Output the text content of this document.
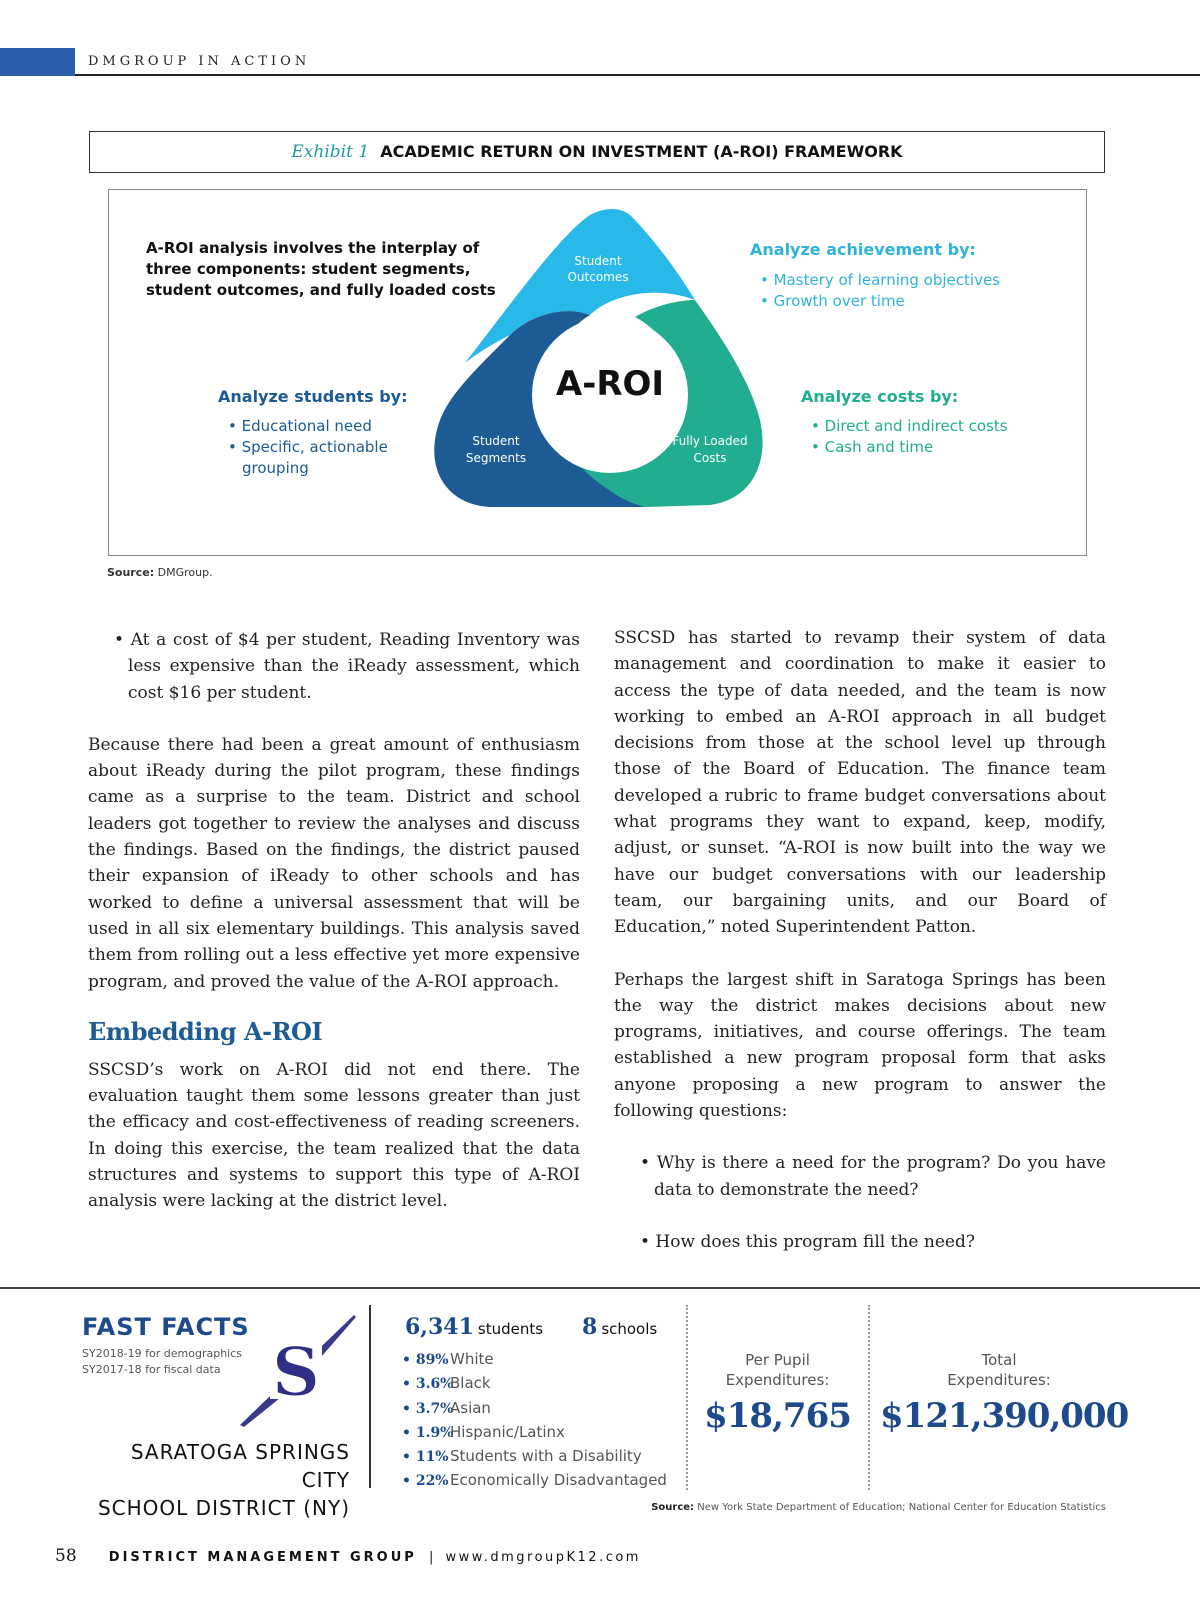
DMGROUP IN ACTION
Exhibit 1 ACADEMIC RETURN ON INVESTMENT (A-ROI) FRAMEWORK
A-ROI analysis involves the interplay of three components: student segments, student outcomes, and fully loaded costs
Analyze achievement by:
• Mastery of learning objectives
• Growth over time
Analyze students by:
• Educational need
• Specific, actionable grouping
Analyze costs by:
• Direct and indirect costs
• Cash and time
A-ROI
Student
Outcomes
Student
Segments
Fully Loaded
Costs
Source: DMGroup.

• At a cost of $4 per student, Reading Inventory was less expensive than the iReady assessment, which cost $16 per student.

Because there had been a great amount of enthusiasm about iReady during the pilot program, these findings came as a surprise to the team. District and school leaders got together to review the analyses and discuss the findings. Based on the findings, the district paused their expansion of iReady to other schools and has worked to define a universal assessment that will be used in all six elementary buildings. This analysis saved them from rolling out a less effective yet more expensive program, and proved the value of the A-ROI approach.

Embedding A-ROI

SSCSD’s work on A-ROI did not end there. The evaluation taught them some lessons greater than just the efficacy and cost-effectiveness of reading screeners. In doing this exercise, the team realized that the data structures and systems to support this type of A-ROI analysis were lacking at the district level.

SSCSD has started to revamp their system of data management and coordination to make it easier to access the type of data needed, and the team is now working to embed an A-ROI approach in all budget decisions from those at the school level up through those of the Board of Education. The finance team developed a rubric to frame budget conversations about what programs they want to expand, keep, modify, adjust, or sunset. “A-ROI is now built into the way we have our budget conversations with our leadership team, our bargaining units, and our Board of Education,” noted Superintendent Patton.

Perhaps the largest shift in Saratoga Springs has been the way the district makes decisions about new programs, initiatives, and course offerings. The team established a new program proposal form that asks anyone proposing a new program to answer the following questions:

• Why is there a need for the program? Do you have data to demonstrate the need?

• How does this program fill the need?

FAST FACTS
SY2018-19 for demographics
SY2017-18 for fiscal data S
SARATOGA SPRINGS CITY
SCHOOL DISTRICT (NY)
6,341 students 8 schools
• 89%White
• 3.6%Black
• 3.7%Asian
• 1.9%Hispanic/Latinx
• 11%Students with a Disability
• 22%Economically Disadvantaged
Per Pupil
Expenditures:
$18,765
Total
Expenditures:
$121,390,000
Source: New York State Department of Education; National Center for Education Statistics
58 DISTRICT MANAGEMENT GROUP | www.dmgroupK12.com
